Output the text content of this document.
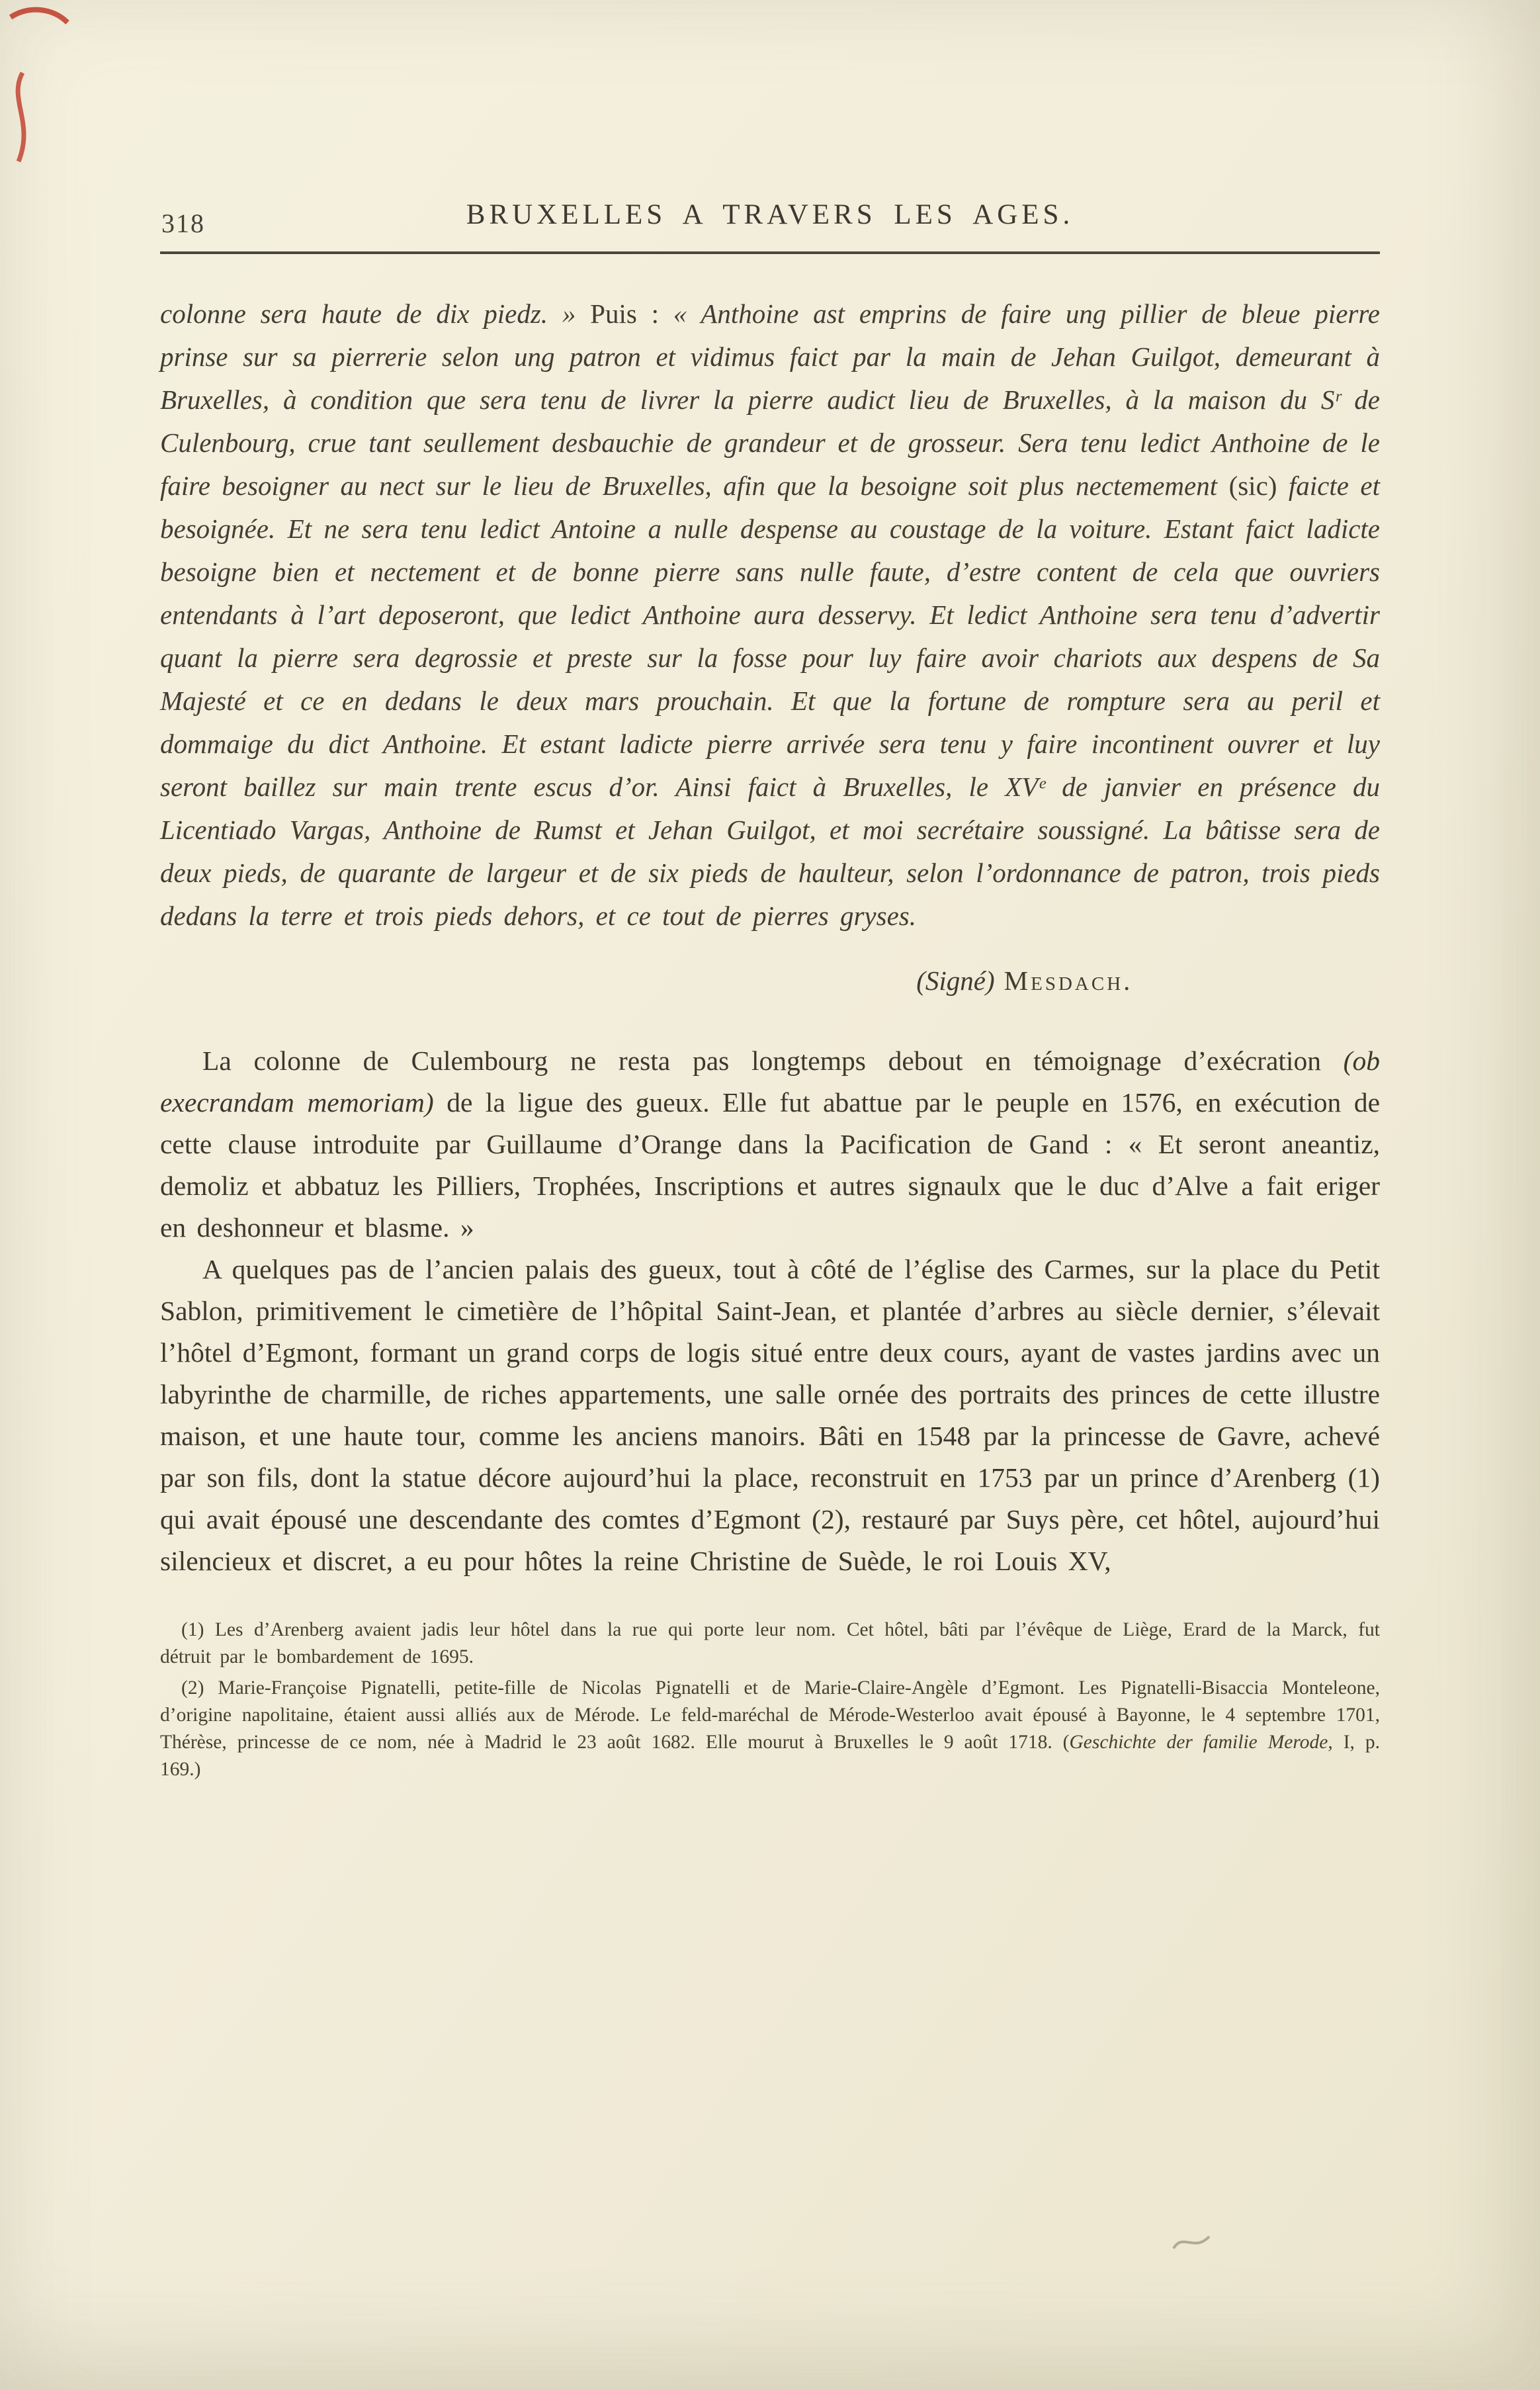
318	BRUXELLES A TRAVERS LES AGES.

colonne sera haute de dix piedz. » Puis : « Anthoine ast emprins de faire ung pillier de bleue pierre prinse sur sa pierrerie selon ung patron et vidimus faict par la main de Jehan Guilgot, demeurant à Bruxelles, à condition que sera tenu de livrer la pierre audict lieu de Bruxelles, à la maison du Sʳ de Culenbourg, crue tant seullement desbauchie de grandeur et de grosseur. Sera tenu ledict Anthoine de le faire besoigner au nect sur le lieu de Bruxelles, afin que la besoigne soit plus nectemement (sic) faicte et besoignée. Et ne sera tenu ledict Antoine a nulle despense au coustage de la voiture. Estant faict ladicte besoigne bien et nectement et de bonne pierre sans nulle faute, d’estre content de cela que ouvriers entendants à l’art deposeront, que ledict Anthoine aura desservy. Et ledict Anthoine sera tenu d’advertir quant la pierre sera degrossie et preste sur la fosse pour luy faire avoir chariots aux despens de Sa Majesté et ce en dedans le deux mars prouchain. Et que la fortune de rompture sera au peril et dommaige du dict Anthoine. Et estant ladicte pierre arrivée sera tenu y faire incontinent ouvrer et luy seront baillez sur main trente escus d’or. Ainsi faict à Bruxelles, le XVᵉ de janvier en présence du Licentiado Vargas, Anthoine de Rumst et Jehan Guilgot, et moi secrétaire soussigné. La bâtisse sera de deux pieds, de quarante de largeur et de six pieds de haulteur, selon l’ordonnance de patron, trois pieds dedans la terre et trois pieds dehors, et ce tout de pierres gryses.

(Signé) Mesdach.

La colonne de Culembourg ne resta pas longtemps debout en témoignage d’exécration (ob execrandam memoriam) de la ligue des gueux. Elle fut abattue par le peuple en 1576, en exécution de cette clause introduite par Guillaume d’Orange dans la Pacification de Gand : « Et seront aneantiz, demoliz et abbatuz les Pilliers, Trophées, Inscriptions et autres signaulx que le duc d’Alve a fait eriger en deshonneur et blasme. »

A quelques pas de l’ancien palais des gueux, tout à côté de l’église des Carmes, sur la place du Petit Sablon, primitivement le cimetière de l’hôpital Saint-Jean, et plantée d’arbres au siècle dernier, s’élevait l’hôtel d’Egmont, formant un grand corps de logis situé entre deux cours, ayant de vastes jardins avec un labyrinthe de charmille, de riches appartements, une salle ornée des portraits des princes de cette illustre maison, et une haute tour, comme les anciens manoirs. Bâti en 1548 par la princesse de Gavre, achevé par son fils, dont la statue décore aujourd’hui la place, reconstruit en 1753 par un prince d’Arenberg (1) qui avait épousé une descendante des comtes d’Egmont (2), restauré par Suys père, cet hôtel, aujourd’hui silencieux et discret, a eu pour hôtes la reine Christine de Suède, le roi Louis XV,

(1) Les d’Arenberg avaient jadis leur hôtel dans la rue qui porte leur nom. Cet hôtel, bâti par l’évêque de Liège, Erard de la Marck, fut détruit par le bombardement de 1695.

(2) Marie-Françoise Pignatelli, petite-fille de Nicolas Pignatelli et de Marie-Claire-Angèle d’Egmont. Les Pignatelli-Bisaccia Monteleone, d’origine napolitaine, étaient aussi alliés aux de Mérode. Le feld-maréchal de Mérode-Westerloo avait épousé à Bayonne, le 4 septembre 1701, Thérèse, princesse de ce nom, née à Madrid le 23 août 1682. Elle mourut à Bruxelles le 9 août 1718. (Geschichte der familie Merode, I, p. 169.)
